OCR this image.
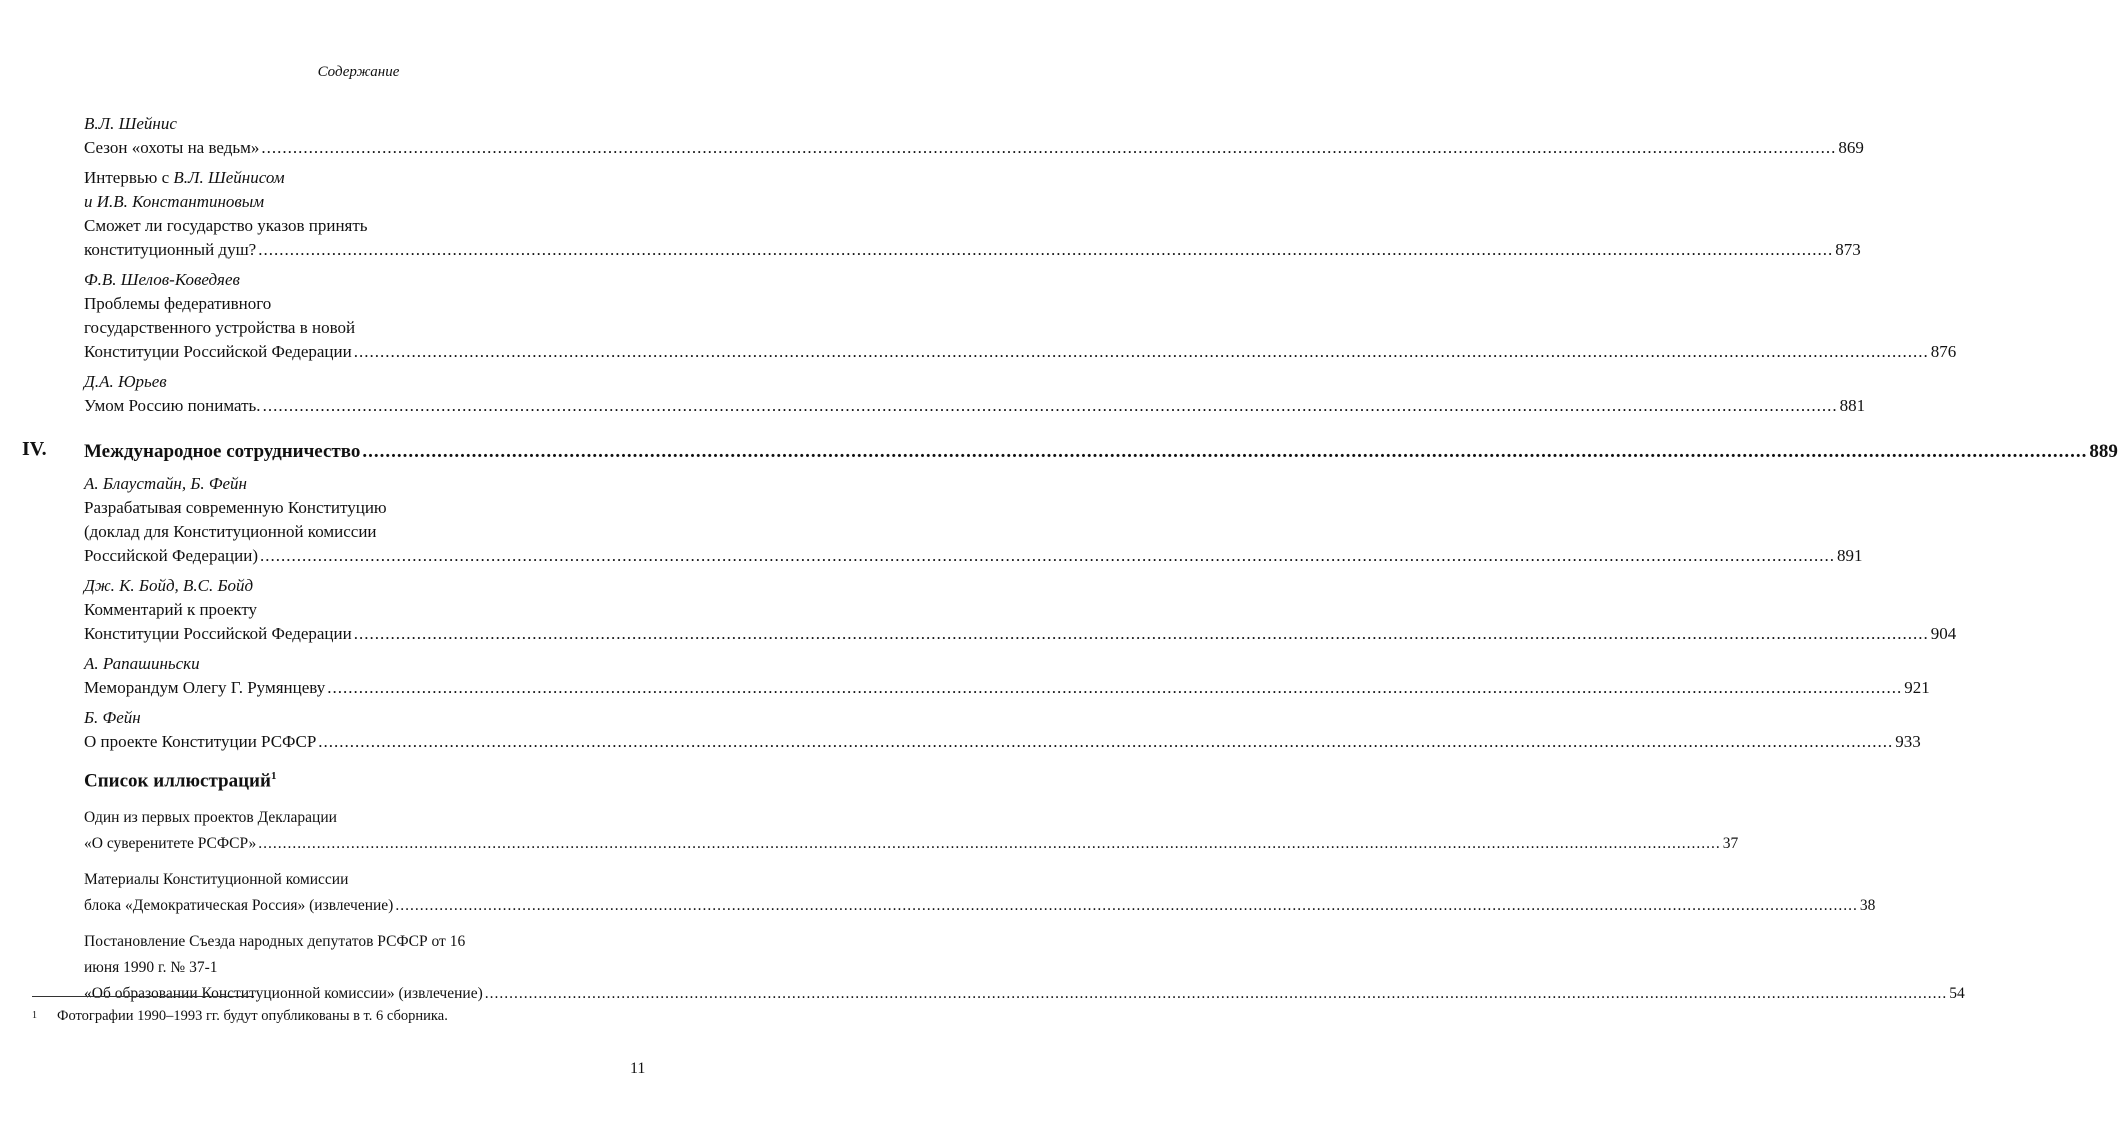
Содержание
В.Л. Шейнис
Сезон «охоты на ведьм» ............................................................................................................................................................................................................................................................................................................ 869
Интервью с В.Л. Шейнисом
и И.В. Константиновым
Сможет ли государство указов принять
конституционный душ? ............................................................................................................................................................................................................................................................................................................ 873
Ф.В. Шелов-Коведяев
Проблемы федеративного
государственного устройства в новой
Конституции Российской Федерации ............................................................................................................................................................................................................................................................................................................ 876
Д.А. Юрьев
Умом Россию понимать. ............................................................................................................................................................................................................................................................................................................ 881
IV. Международное сотрудничество ............................................................................................................................................................................................................................................................................................................ 889
А. Блаустайн, Б. Фейн
Разрабатывая современную Конституцию
(доклад для Конституционной комиссии
Российской Федерации) ............................................................................................................................................................................................................................................................................................................ 891
Дж. К. Бойд, В.С. Бойд
Комментарий к проекту
Конституции Российской Федерации ............................................................................................................................................................................................................................................................................................................ 904
А. Рапашиньски
Меморандум Олегу Г. Румянцеву ............................................................................................................................................................................................................................................................................................................ 921
Б. Фейн
О проекте Конституции РСФСР ............................................................................................................................................................................................................................................................................................................ 933
Список иллюстраций$^1$
Один из первых проектов Декларации
«О суверенитете РСФСР» ............................................................................................................................................................................................................................................................................................................ 37
Материалы Конституционной комиссии
блока «Демократическая Россия» (извлечение) ............................................................................................................................................................................................................................................................................................................ 38
Постановление Съезда народных депутатов РСФСР от 16
июня 1990 г. № 37-1
«Об образовании Конституционной комиссии» (извлечение) ............................................................................................................................................................................................................................................................................................................ 54
$^1$ Фотографии 1990–1993 гг. будут опубликованы в т. 6 сборника.
11
